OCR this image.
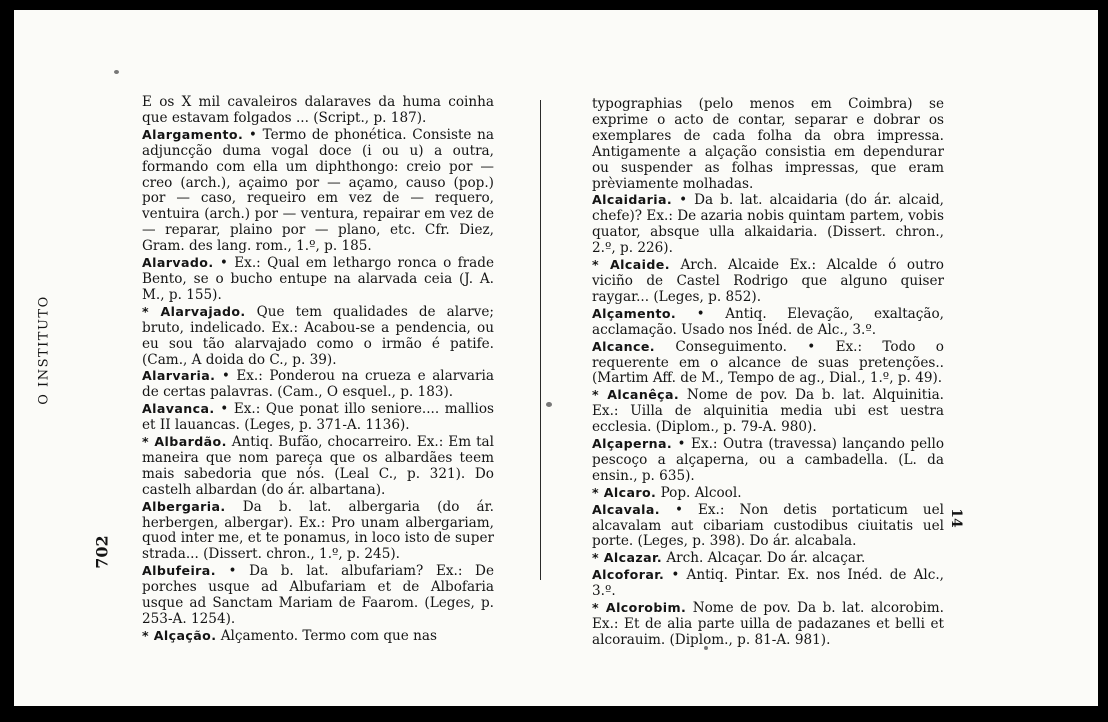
O INSTITUTO
702
14

E os X mil cavaleiros dalaraves da huma coinha que estavam folgados ... (Script., p. 187).

Alargamento. • Termo de phonética. Consiste na adjuncção duma vogal doce (i ou u) a outra, formando com ella um diphthongo: creio por — creo (arch.), açaimo por — açamo, causo (pop.) por — caso, requeiro em vez de — requero, ventuira (arch.) por — ventura, repairar em vez de — reparar, plaino por — plano, etc. Cfr. Diez, Gram. des lang. rom., 1.º, p. 185.

Alarvado. • Ex.: Qual em lethargo ronca o frade Bento, se o bucho entupe na alarvada ceia (J. A. M., p. 155).

* Alarvajado. Que tem qualidades de alarve; bruto, indelicado. Ex.: Acabou-se a pendencia, ou eu sou tão alarvajado como o irmão é patife. (Cam., A doida do C., p. 39).

Alarvaria. • Ex.: Ponderou na crueza e alarvaria de certas palavras. (Cam., O esquel., p. 183).

Alavanca. • Ex.: Que ponat illo seniore.... mallios et II lauancas. (Leges, p. 371-A. 1136).

* Albardão. Antiq. Bufão, chocarreiro. Ex.: Em tal maneira que nom pareça que os albardães teem mais sabedoria que nós. (Leal C., p. 321). Do castelh albardan (do ár. albartana).

Albergaria. Da b. lat. albergaria (do ár. herbergen, albergar). Ex.: Pro unam albergariam, quod inter me, et te ponamus, in loco isto de super strada... (Dissert. chron., 1.º, p. 245).

Albufeira. • Da b. lat. albufariam? Ex.: De porches usque ad Albufariam et de Albofaria usque ad Sanctam Mariam de Faarom. (Leges, p. 253-A. 1254).

* Alçação. Alçamento. Termo com que nas

typographias (pelo menos em Coimbra) se exprime o acto de contar, separar e dobrar os exemplares de cada folha da obra impressa. Antigamente a alçação consistia em dependurar ou suspender as folhas impressas, que eram prèviamente molhadas.

Alcaidaria. • Da b. lat. alcaidaria (do ár. alcaid, chefe)? Ex.: De azaria nobis quintam partem, vobis quator, absque ulla alkaidaria. (Dissert. chron., 2.º, p. 226).

* Alcaide. Arch. Alcaide Ex.: Alcalde ó outro viciño de Castel Rodrigo que alguno quiser raygar... (Leges, p. 852).

Alçamento. • Antiq. Elevação, exaltação, acclamação. Usado nos Inéd. de Alc., 3.º.

Alcance. Conseguimento. • Ex.: Todo o requerente em o alcance de suas pretenções.. (Martim Aff. de M., Tempo de ag., Dial., 1.º, p. 49).

* Alcanêça. Nome de pov. Da b. lat. Alquinitia. Ex.: Uilla de alquinitia media ubi est uestra ecclesia. (Diplom., p. 79-A. 980).

Alçaperna. • Ex.: Outra (travessa) lançando pello pescoço a alçaperna, ou a cambadella. (L. da ensin., p. 635).

* Alcaro. Pop. Alcool.

Alcavala. • Ex.: Non detis portaticum uel alcavalam aut cibariam custodibus ciuitatis uel porte. (Leges, p. 398). Do ár. alcabala.

* Alcazar. Arch. Alcaçar. Do ár. alcaçar.

Alcoforar. • Antiq. Pintar. Ex. nos Inéd. de Alc., 3.º.

* Alcorobim. Nome de pov. Da b. lat. alcorobim. Ex.: Et de alia parte uilla de padazanes et belli et alcorauim. (Diplom., p. 81-A. 981).
